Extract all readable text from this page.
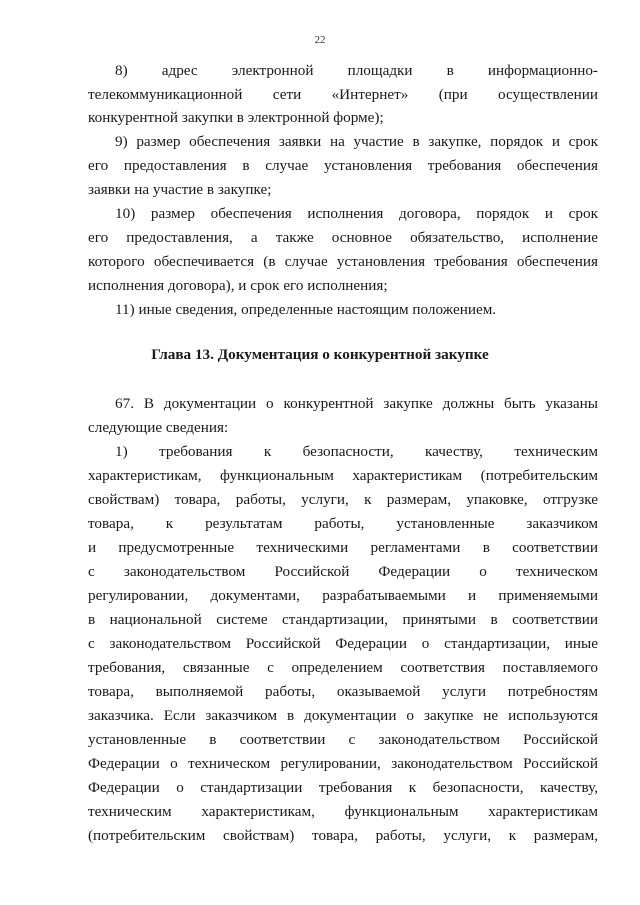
22
8) адрес электронной площадки в информационно-
телекоммуникационной сети «Интернет» (при осуществлении
конкурентной закупки в электронной форме);
9) размер обеспечения заявки на участие в закупке, порядок и срок
его предоставления в случае установления требования обеспечения
заявки на участие в закупке;
10) размер обеспечения исполнения договора, порядок и срок
его предоставления, а также основное обязательство, исполнение
которого обеспечивается (в случае установления требования обеспечения
исполнения договора), и срок его исполнения;
11) иные сведения, определенные настоящим положением.
Глава 13. Документация о конкурентной закупке
67. В документации о конкурентной закупке должны быть указаны
следующие сведения:
1) требования к безопасности, качеству, техническим
характеристикам, функциональным характеристикам (потребительским
свойствам) товара, работы, услуги, к размерам, упаковке, отгрузке
товара, к результатам работы, установленные заказчиком
и предусмотренные техническими регламентами в соответствии
с законодательством Российской Федерации о техническом
регулировании, документами, разрабатываемыми и применяемыми
в национальной системе стандартизации, принятыми в соответствии
с законодательством Российской Федерации о стандартизации, иные
требования, связанные с определением соответствия поставляемого
товара, выполняемой работы, оказываемой услуги потребностям
заказчика. Если заказчиком в документации о закупке не используются
установленные в соответствии с законодательством Российской
Федерации о техническом регулировании, законодательством Российской
Федерации о стандартизации требования к безопасности, качеству,
техническим характеристикам, функциональным характеристикам
(потребительским свойствам) товара, работы, услуги, к размерам,
